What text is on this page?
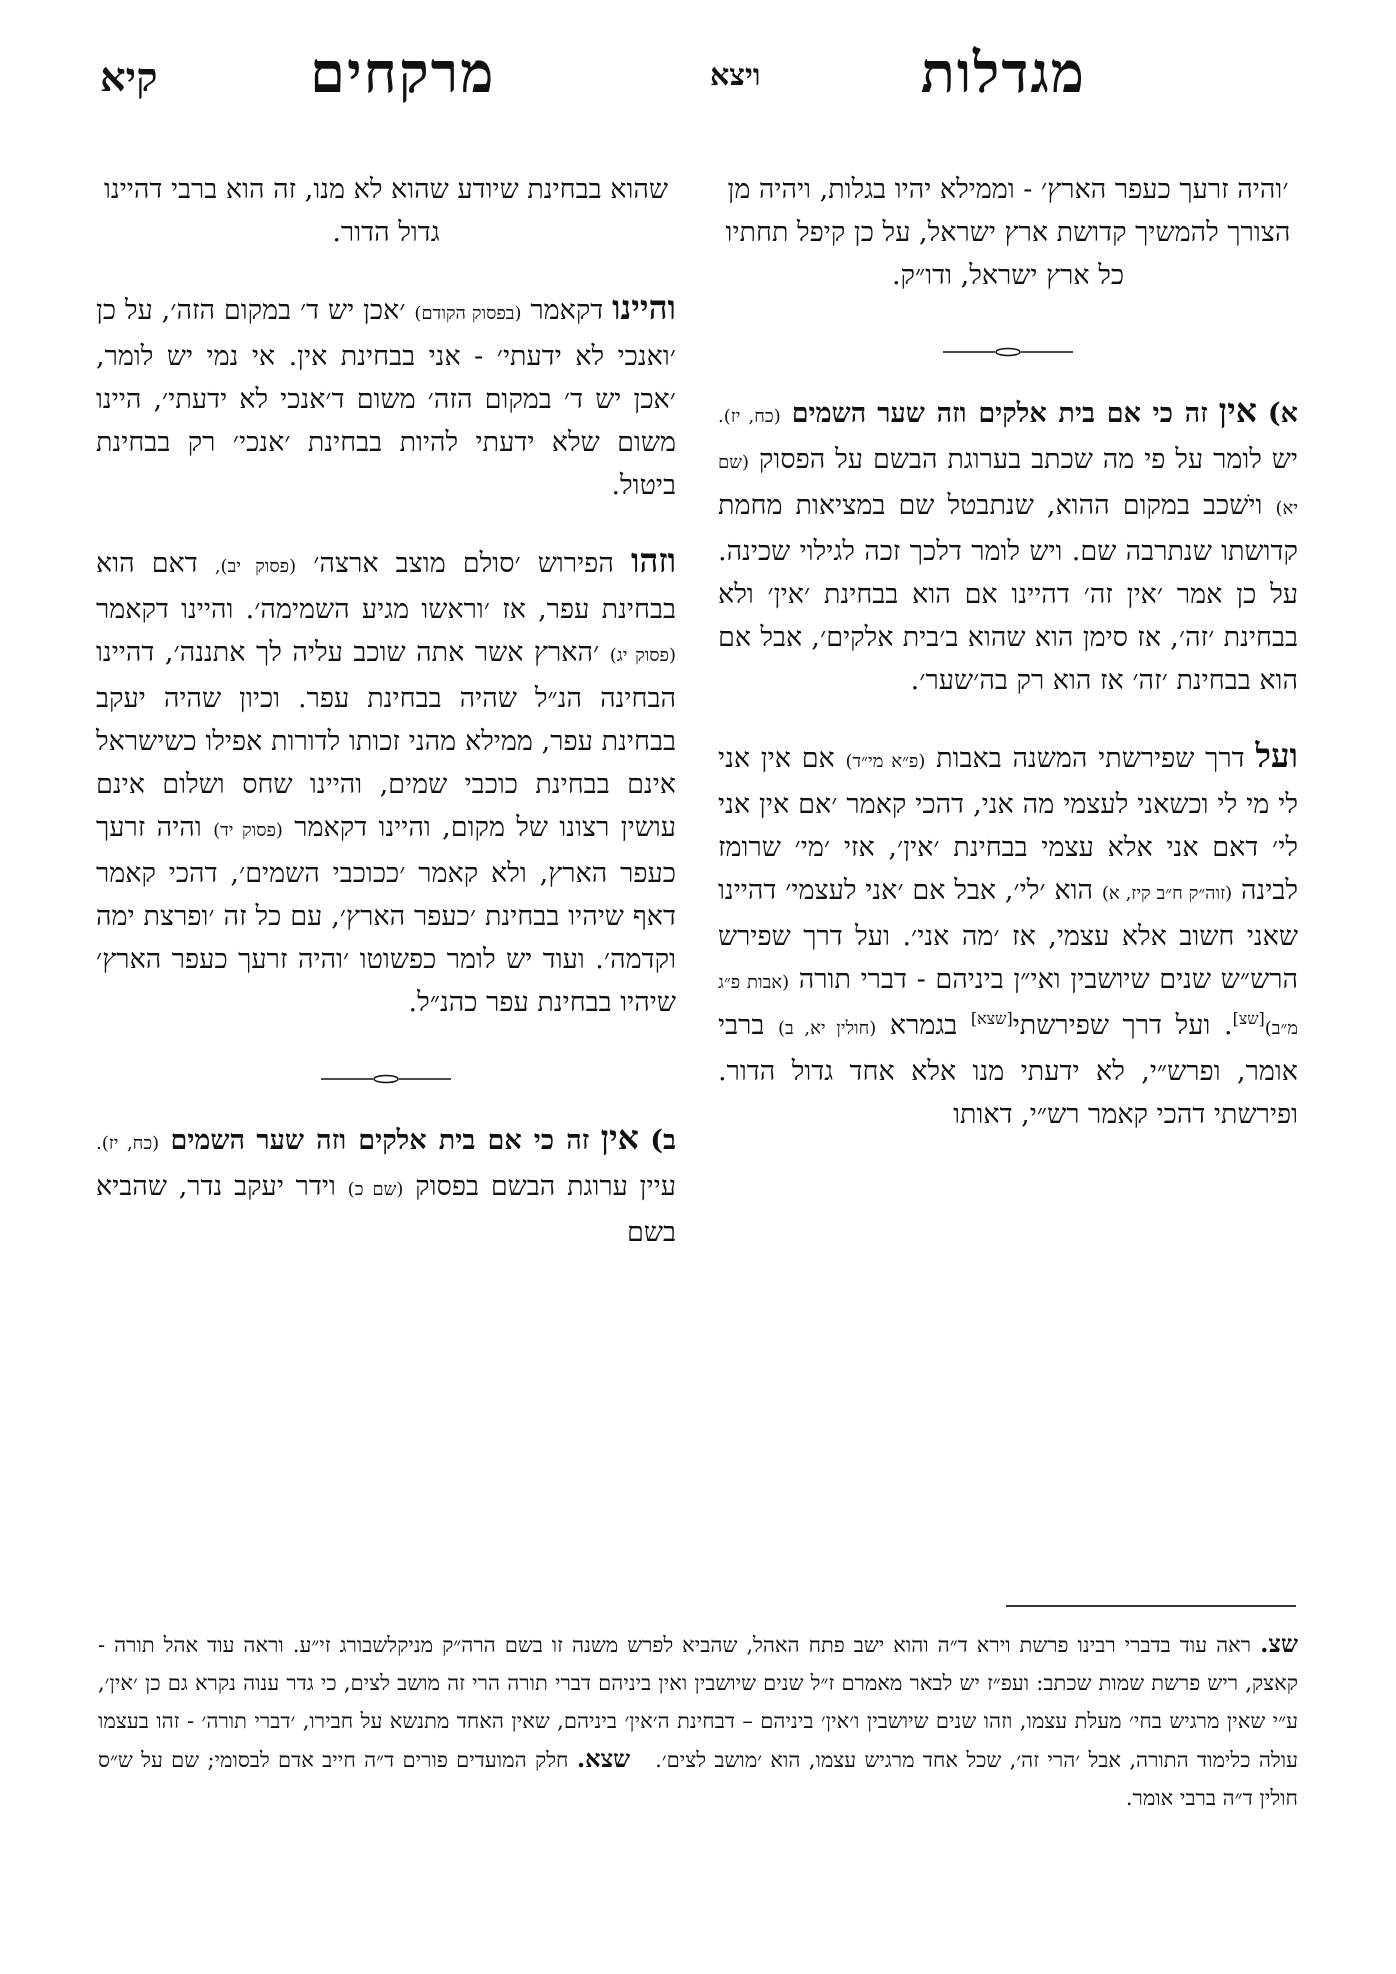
מגדלות
ויצא
מרקחים
קיא

׳והיה זרעך כעפר הארץ׳ - וממילא יהיו בגלות, ויהיה מן הצורך להמשיך קדושת ארץ ישראל, על כן קיפל תחתיו כל ארץ ישראל, ודו״ק.

א) אין זה כי אם בית אלקים וזה שער השמים (כח, יז). יש לומר על פי מה שכתב בערוגת הבשם על הפסוק (שם יא) ויׁשכב במקום ההוא, שנתבטל שם במציאות מחמת קדושתו שנתרבה שם. ויש לומר דלכך זכה לגילוי שכינה. על כן אמר ׳אין זה׳ דהיינו אם הוא בבחינת ׳אין׳ ולא בבחינת ׳זה׳, אז סימן הוא שהוא ב׳בית אלקים׳, אבל אם הוא בבחינת ׳זה׳ אז הוא רק בה׳שער׳.

ועל דרך שפירשתי המשנה באבות (פ״א מי״ד) אם אין אני לי מי לי וכשאני לעצמי מה אני, דהכי קאמר ׳אם אין אני לי׳ דאם אני אלא עצמי בבחינת ׳אין׳, אזי ׳מי׳ שרומז לבינה (זוה״ק ח״ב קיז, א) הוא ׳לי׳, אבל אם ׳אני לעצמי׳ דהיינו שאני חשוב אלא עצמי, אז ׳מה אני׳. ועל דרך שפירש הרש״ש שנים שיושבין ואי״ן ביניהם - דברי תורה (אבות פ״ג מ״ב)[שצ]. ועל דרך שפירשתי[שצא] בגמרא (חולין יא, ב) ברבי אומר, ופרש״י, לא ידעתי מנו אלא אחד גדול הדור. ופירשתי דהכי קאמר רש״י, דאותו

שהוא בבחינת שיודע שהוא לא מנו, זה הוא ברבי דהיינו גדול הדור.

והיינו דקאמר (בפסוק הקודם) ׳אכן יש ד׳ במקום הזה׳, על כן ׳ואנכי לא ידעתי׳ - אני בבחינת אין. אי נמי יש לומר, ׳אכן יש ד׳ במקום הזה׳ משום ד׳אנכי לא ידעתי׳, היינו משום שלא ידעתי להיות בבחינת ׳אנכי׳ רק בבחינת ביטול.

וזהו הפירוש ׳סולם מוצב ארצה׳ (פסוק יב), דאם הוא בבחינת עפר, אז ׳וראשו מגיע השמימה׳. והיינו דקאמר (פסוק יג) ׳הארץ אשר אתה שוכב עליה לך אתננה׳, דהיינו הבחינה הנ״ל שהיה בבחינת עפר. וכיון שהיה יעקב בבחינת עפר, ממילא מהני זכותו לדורות אפילו כשישראל אינם בבחינת כוכבי שמים, והיינו שחס ושלום אינם עושין רצונו של מקום, והיינו דקאמר (פסוק יד) והיה זרעך כעפר הארץ, ולא קאמר ׳ככוכבי השמים׳, דהכי קאמר דאף שיהיו בבחינת ׳כעפר הארץ׳, עם כל זה ׳ופרצת ימה וקדמה׳. ועוד יש לומר כפשוטו ׳והיה זרעך כעפר הארץ׳ שיהיו בבחינת עפר כהנ״ל.

ב) אין זה כי אם בית אלקים וזה שער השמים (כח, יז). עיין ערוגת הבשם בפסוק (שם כ) וידר יעקב נדר, שהביא בשם

שצ. ראה עוד בדברי רבינו פרשת וירא ד״ה והוא ישב פתח האהל, שהביא לפרש משנה זו בשם הרה״ק מניקלשבורג זי״ע. וראה עוד אהל תורה - קאצק, ריש פרשת שמות שכתב: ועפ״ז יש לבאר מאמרם ז״ל שנים שיושבין ואין ביניהם דברי תורה הרי זה מושב לצים, כי גדר ענוה נקרא גם כן ׳אין׳, ע״י שאין מרגיש בחי׳ מעלת עצמו, וזהו שנים שיושבין ו׳אין׳ ביניהם – דבחינת ה׳אין׳ ביניהם, שאין האחד מתנשא על חבירו, ׳דברי תורה׳ - זהו בעצמו עולה כלימוד התורה, אבל ׳הרי זה׳, שכל אחד מרגיש עצמו, הוא ׳מושב לצים׳.   שצא. חלק המועדים פורים ד״ה חייב אדם לבסומי; שם על ש״ס חולין ד״ה ברבי אומר.
